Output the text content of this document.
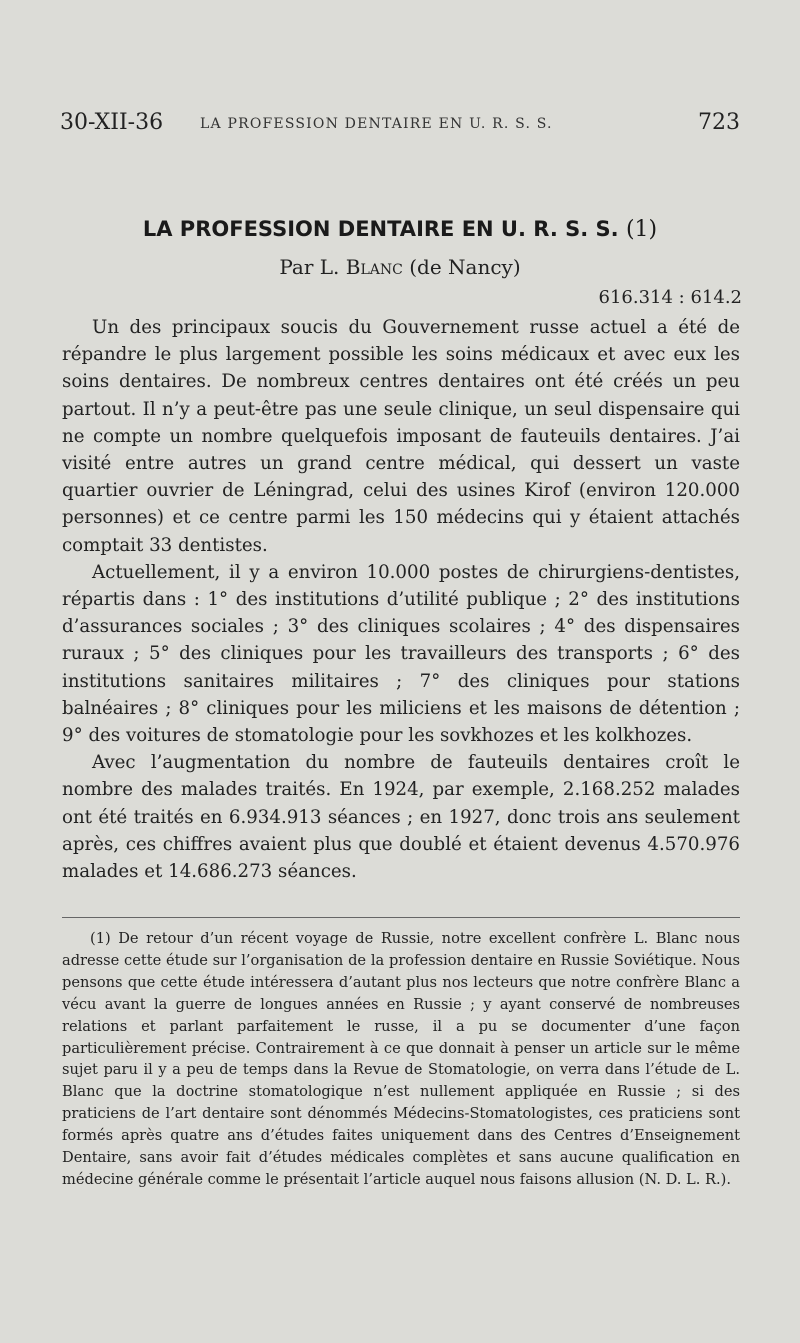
30-XII-36	LA PROFESSION DENTAIRE EN U. R. S. S.	723
LA PROFESSION DENTAIRE EN U. R. S. S. (1)
Par L. Blanc (de Nancy)
616.314 : 614.2

Un des principaux soucis du Gouvernement russe actuel a été de répandre le plus largement possible les soins médicaux et avec eux les soins dentaires. De nombreux centres dentaires ont été créés un peu partout. Il n’y a peut-être pas une seule clinique, un seul dispensaire qui ne compte un nombre quelquefois imposant de fauteuils dentaires. J’ai visité entre autres un grand centre médical, qui dessert un vaste quartier ouvrier de Léningrad, celui des usines Kirof (environ 120.000 personnes) et ce centre parmi les 150 médecins qui y étaient attachés comptait 33 dentistes.

Actuellement, il y a environ 10.000 postes de chirurgiens-dentistes, répartis dans : 1° des institutions d’utilité publique ; 2° des institutions d’assurances sociales ; 3° des cliniques scolaires ; 4° des dispensaires ruraux ; 5° des cliniques pour les travailleurs des transports ; 6° des institutions sanitaires militaires ; 7° des cliniques pour stations balnéaires ; 8° cliniques pour les miliciens et les maisons de détention ; 9° des voitures de stomatologie pour les sovkhozes et les kolkhozes.

Avec l’augmentation du nombre de fauteuils dentaires croît le nombre des malades traités. En 1924, par exemple, 2.168.252 malades ont été traités en 6.934.913 séances ; en 1927, donc trois ans seulement après, ces chiffres avaient plus que doublé et étaient devenus 4.570.976 malades et 14.686.273 séances.

(1) De retour d’un récent voyage de Russie, notre excellent confrère L. Blanc nous adresse cette étude sur l’organisation de la profession dentaire en Russie Soviétique. Nous pensons que cette étude intéressera d’autant plus nos lecteurs que notre confrère Blanc a vécu avant la guerre de longues années en Russie ; y ayant conservé de nombreuses relations et parlant parfaitement le russe, il a pu se documenter d’une façon particulièrement précise. Contrairement à ce que donnait à penser un article sur le même sujet paru il y a peu de temps dans la Revue de Stomatologie, on verra dans l’étude de L. Blanc que la doctrine stomatologique n’est nullement appliquée en Russie ; si des praticiens de l’art dentaire sont dénommés Médecins-Stomatologistes, ces praticiens sont formés après quatre ans d’études faites uniquement dans des Centres d’Enseignement Dentaire, sans avoir fait d’études médicales complètes et sans aucune qualification en médecine générale comme le présentait l’article auquel nous faisons allusion (N. D. L. R.).
